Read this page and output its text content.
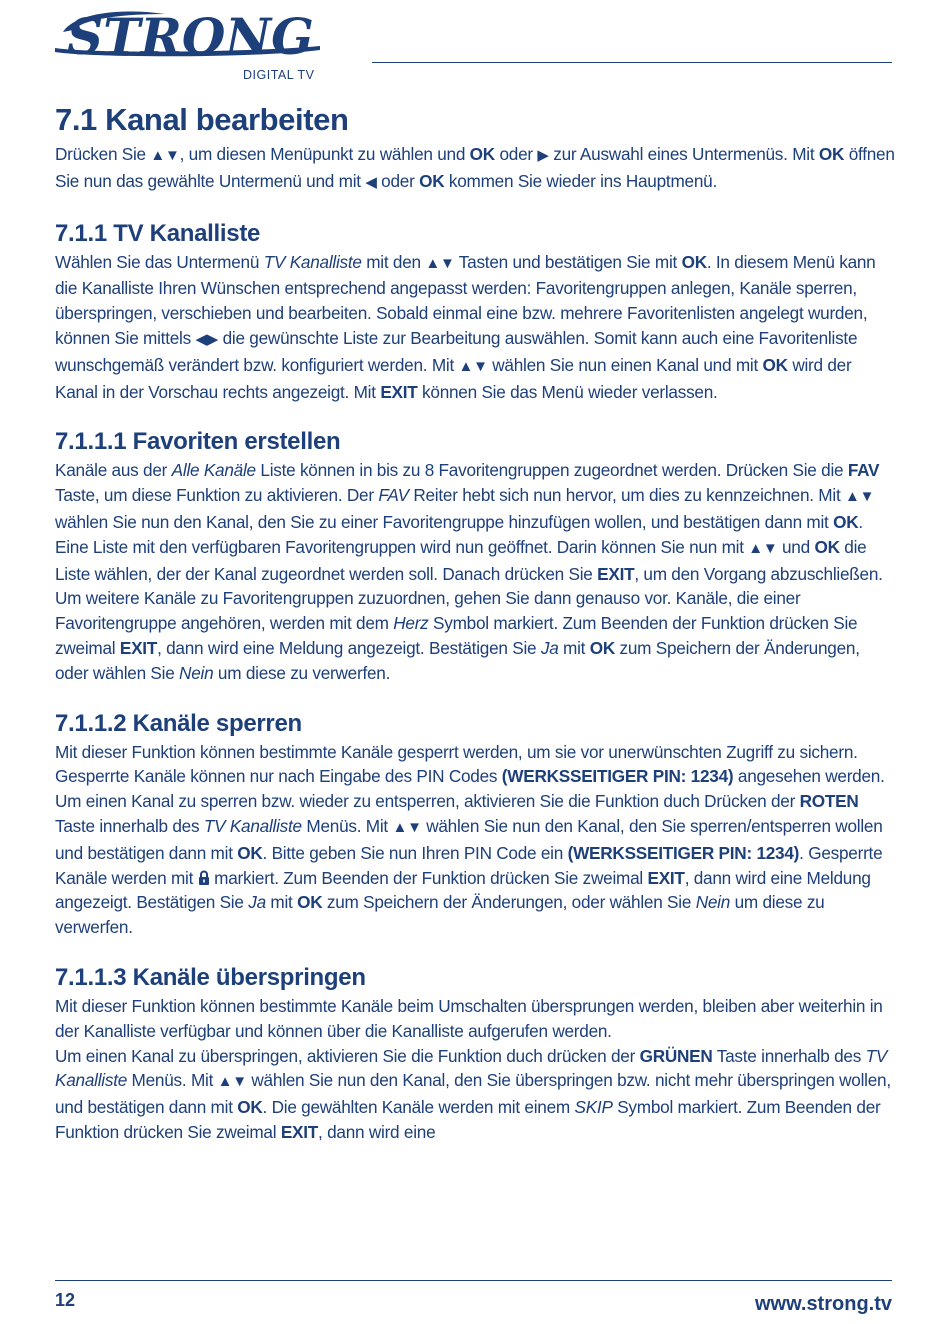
STRONG
DIGITAL TV
7.1 Kanal bearbeiten

Drücken Sie ▲▼, um diesen Menüpunkt zu wählen und OK oder ▶ zur Auswahl eines Untermenüs. Mit OK öffnen Sie nun das gewählte Untermenü und mit ◀ oder OK kommen Sie wieder ins Hauptmenü.

7.1.1 TV Kanalliste

Wählen Sie das Untermenü TV Kanalliste mit den ▲▼ Tasten und bestätigen Sie mit OK. In diesem Menü kann die Kanalliste Ihren Wünschen entsprechend angepasst werden: Favoritengruppen anlegen, Kanäle sperren, überspringen, verschieben und bearbeiten. Sobald einmal eine bzw. mehrere Favoritenlisten angelegt wurden, können Sie mittels ◀▶ die gewünschte Liste zur Bearbeitung auswählen. Somit kann auch eine Favoritenliste wunschgemäß verändert bzw. konfiguriert werden. Mit ▲▼ wählen Sie nun einen Kanal und mit OK wird der Kanal in der Vorschau rechts angezeigt. Mit EXIT können Sie das Menü wieder verlassen.

7.1.1.1 Favoriten erstellen

Kanäle aus der Alle Kanäle Liste können in bis zu 8 Favoritengruppen zugeordnet werden. Drücken Sie die FAV Taste, um diese Funktion zu aktivieren. Der FAV Reiter hebt sich nun hervor, um dies zu kennzeichnen. Mit ▲▼ wählen Sie nun den Kanal, den Sie zu einer Favoritengruppe hinzufügen wollen, und bestätigen dann mit OK. Eine Liste mit den verfügbaren Favoritengruppen wird nun geöffnet. Darin können Sie nun mit ▲▼ und OK die Liste wählen, der der Kanal zugeordnet werden soll. Danach drücken Sie EXIT, um den Vorgang abzuschließen. Um weitere Kanäle zu Favoritengruppen zuzuordnen, gehen Sie dann genauso vor. Kanäle, die einer Favoritengruppe angehören, werden mit dem Herz Symbol markiert. Zum Beenden der Funktion drücken Sie zweimal EXIT, dann wird eine Meldung angezeigt. Bestätigen Sie Ja mit OK zum Speichern der Änderungen, oder wählen Sie Nein um diese zu verwerfen.

7.1.1.2 Kanäle sperren

Mit dieser Funktion können bestimmte Kanäle gesperrt werden, um sie vor unerwünschten Zugriff zu sichern. Gesperrte Kanäle können nur nach Eingabe des PIN Codes (WERKSSEITIGER PIN: 1234) angesehen werden.

Um einen Kanal zu sperren bzw. wieder zu entsperren, aktivieren Sie die Funktion duch Drücken der ROTEN Taste innerhalb des TV Kanalliste Menüs. Mit ▲▼ wählen Sie nun den Kanal, den Sie sperren/entsperren wollen und bestätigen dann mit OK. Bitte geben Sie nun Ihren PIN Code ein (WERKSSEITIGER PIN: 1234). Gesperrte Kanäle werden mit  markiert. Zum Beenden der Funktion drücken Sie zweimal EXIT, dann wird eine Meldung angezeigt. Bestätigen Sie Ja mit OK zum Speichern der Änderungen, oder wählen Sie Nein um diese zu verwerfen.

7.1.1.3 Kanäle überspringen

Mit dieser Funktion können bestimmte Kanäle beim Umschalten übersprungen werden, bleiben aber weiterhin in der Kanalliste verfügbar und können über die Kanalliste aufgerufen werden.

Um einen Kanal zu überspringen, aktivieren Sie die Funktion duch drücken der GRÜNEN Taste innerhalb des TV Kanalliste Menüs. Mit ▲▼ wählen Sie nun den Kanal, den Sie überspringen bzw. nicht mehr überspringen wollen, und bestätigen dann mit OK. Die gewählten Kanäle werden mit einem SKIP Symbol markiert. Zum Beenden der Funktion drücken Sie zweimal EXIT, dann wird eine

12	www.strong.tv
